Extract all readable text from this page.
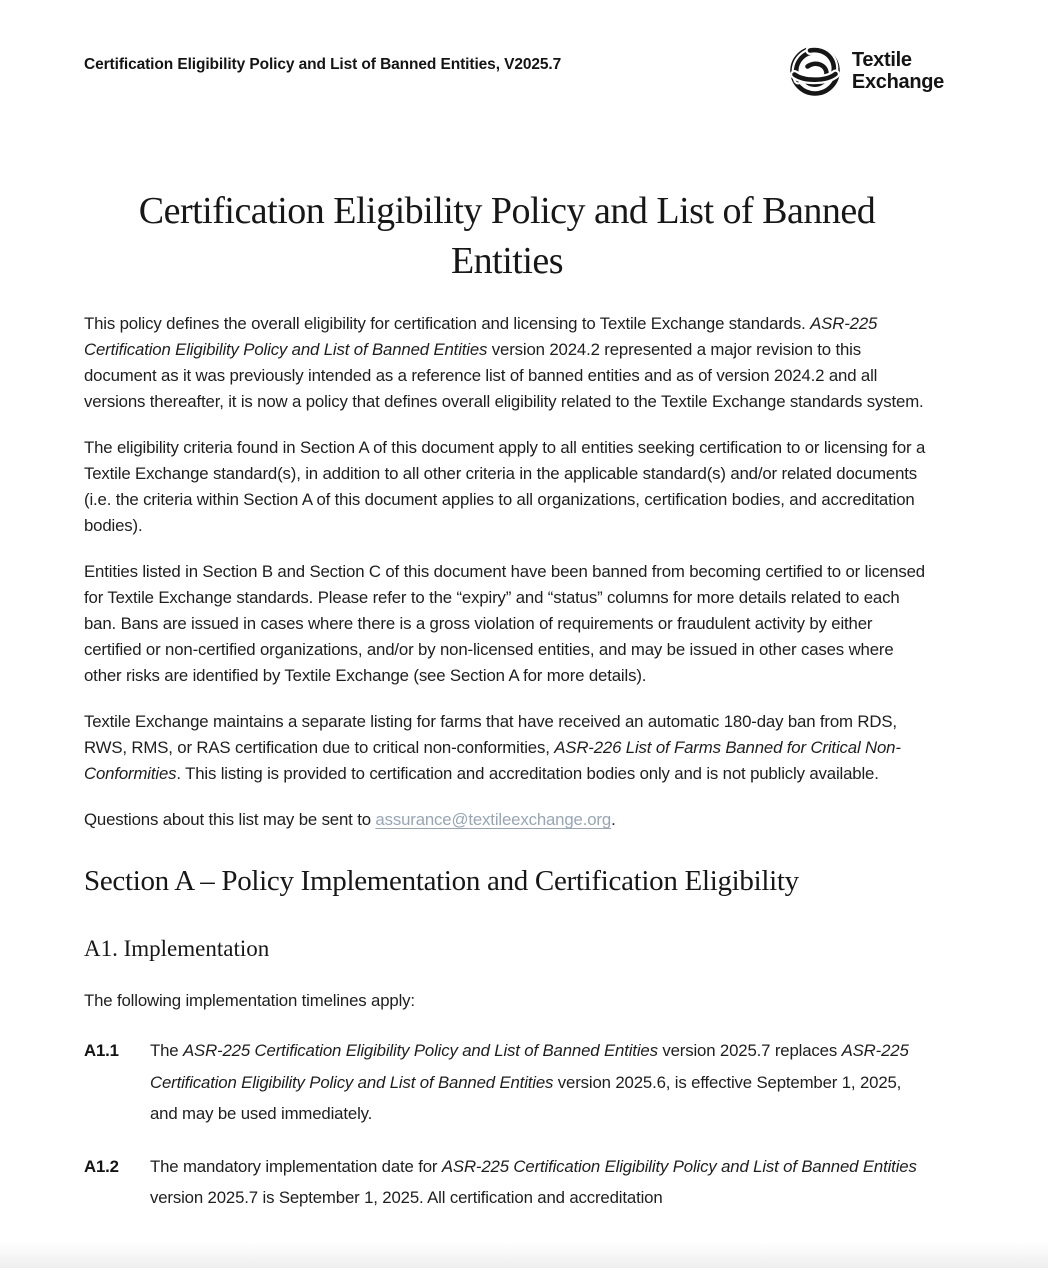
Certification Eligibility Policy and List of Banned Entities, V2025.7	Textile
Exchange
Certification Eligibility Policy and List of Banned
Entities

This policy defines the overall eligibility for certification and licensing to Textile Exchange standards. ASR-225 Certification Eligibility Policy and List of Banned Entities version 2024.2 represented a major revision to this document as it was previously intended as a reference list of banned entities and as of version 2024.2 and all versions thereafter, it is now a policy that defines overall eligibility related to the Textile Exchange standards system.

The eligibility criteria found in Section A of this document apply to all entities seeking certification to or licensing for a Textile Exchange standard(s), in addition to all other criteria in the applicable standard(s) and/or related documents (i.e. the criteria within Section A of this document applies to all organizations, certification bodies, and accreditation bodies).

Entities listed in Section B and Section C of this document have been banned from becoming certified to or licensed for Textile Exchange standards. Please refer to the “expiry” and “status” columns for more details related to each ban. Bans are issued in cases where there is a gross violation of requirements or fraudulent activity by either certified or non-certified organizations, and/or by non-licensed entities, and may be issued in other cases where other risks are identified by Textile Exchange (see Section A for more details).

Textile Exchange maintains a separate listing for farms that have received an automatic 180-day ban from RDS, RWS, RMS, or RAS certification due to critical non-conformities, ASR-226 List of Farms Banned for Critical Non-Conformities. This listing is provided to certification and accreditation bodies only and is not publicly available.

Questions about this list may be sent to assurance@textileexchange.org.

Section A – Policy Implementation and Certification Eligibility
A1. Implementation

The following implementation timelines apply:

A1.1	The ASR-225 Certification Eligibility Policy and List of Banned Entities version 2025.7 replaces ASR-225 Certification Eligibility Policy and List of Banned Entities version 2025.6, is effective September 1, 2025, and may be used immediately.
A1.2	The mandatory implementation date for ASR-225 Certification Eligibility Policy and List of Banned Entities version 2025.7 is September 1, 2025. All certification and accreditation
